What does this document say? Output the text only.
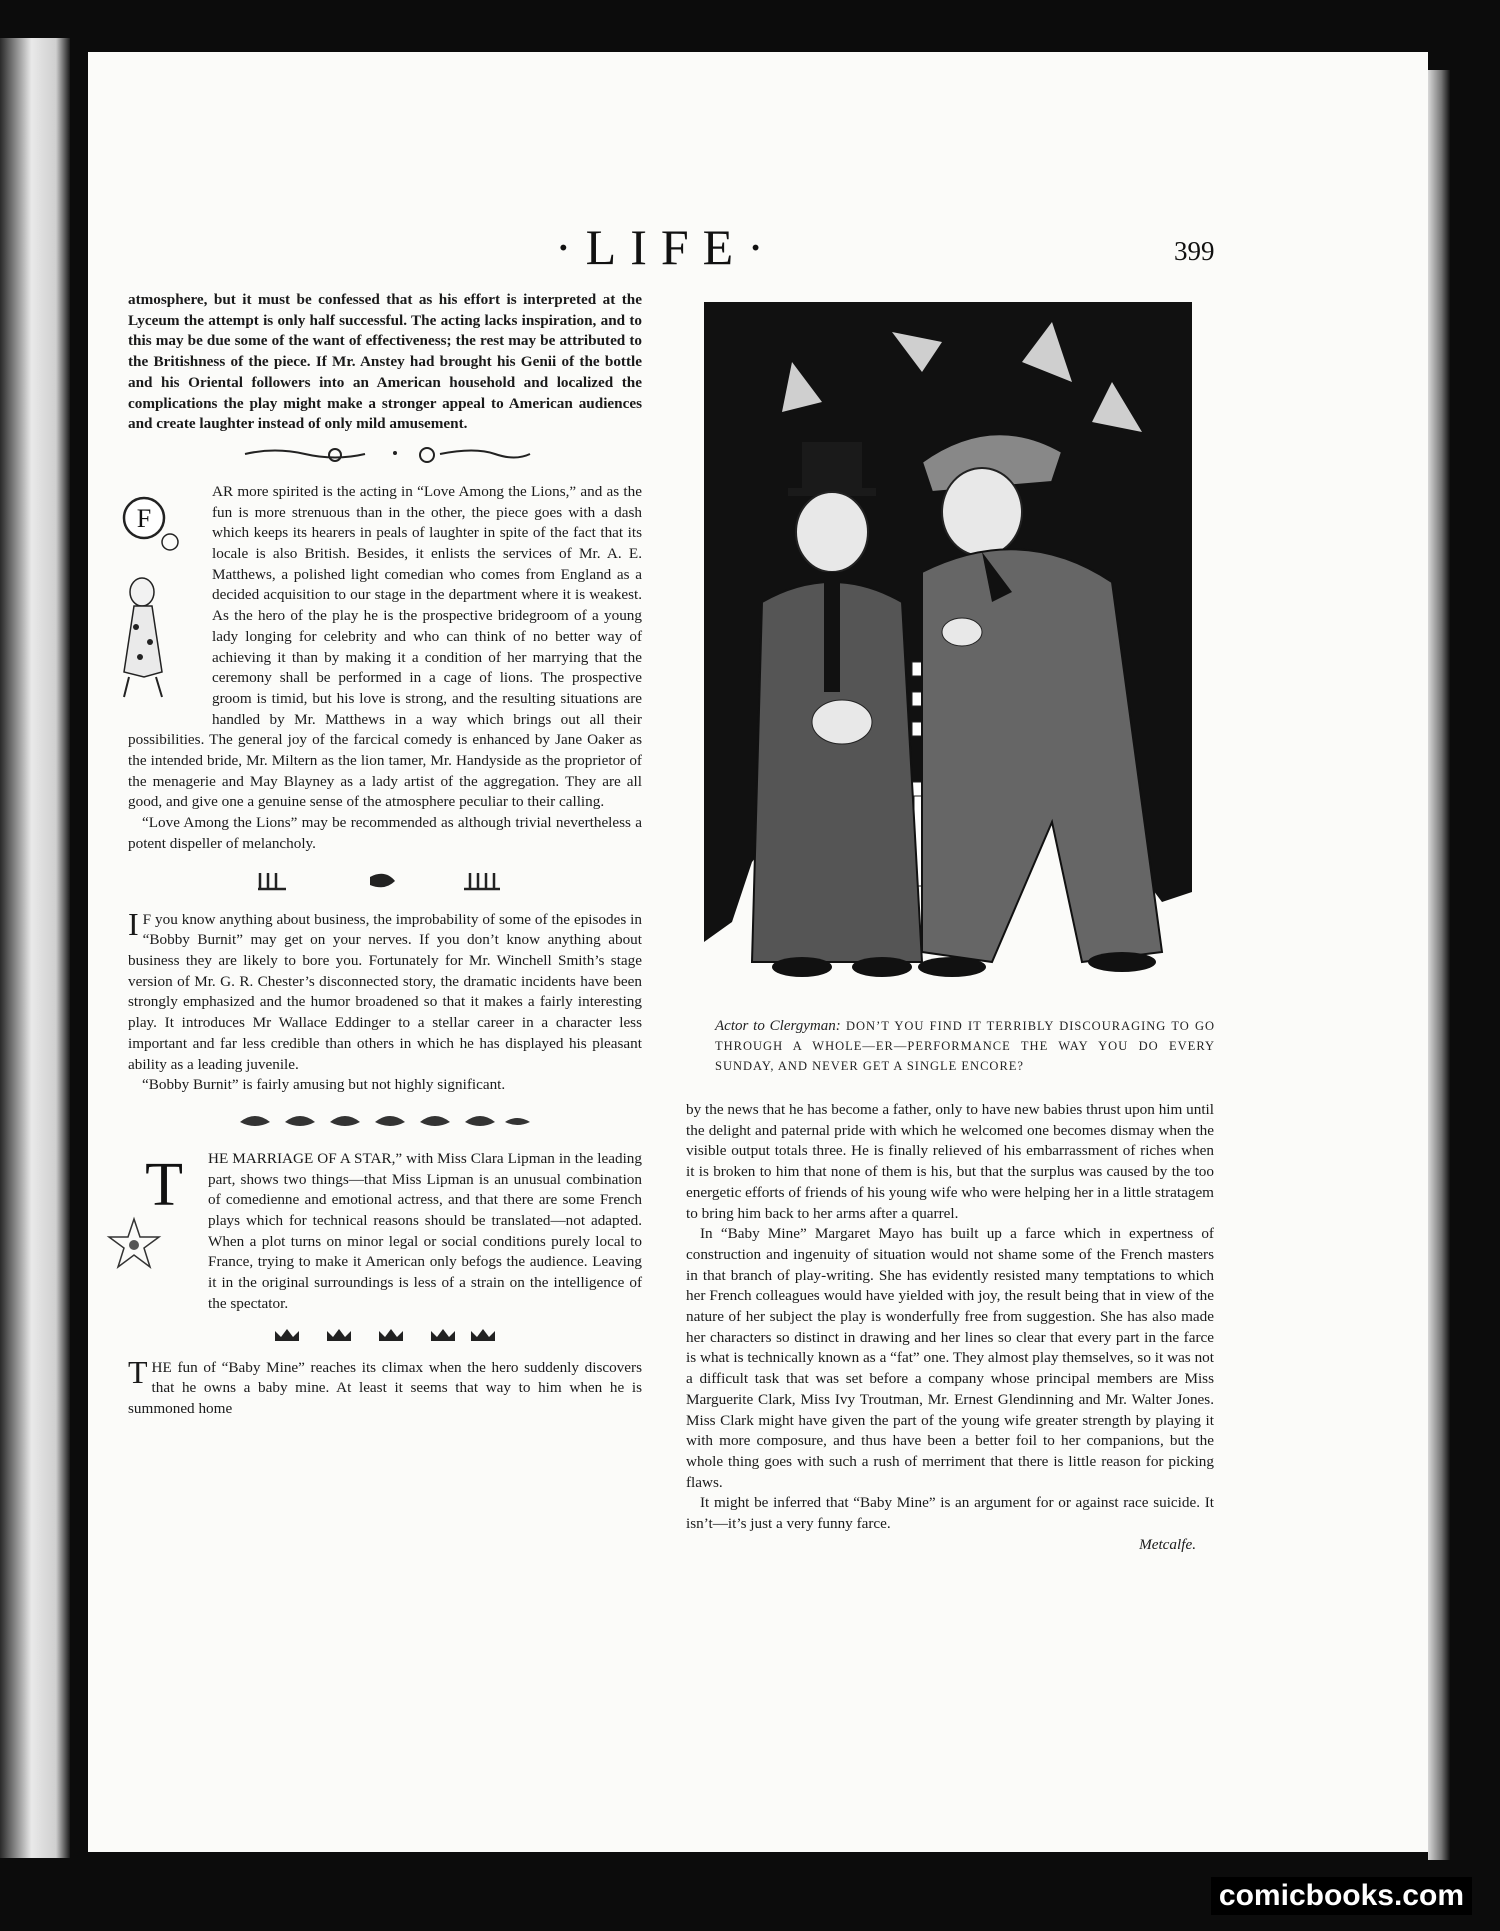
·LIFE·	399

atmosphere, but it must be confessed that as his effort is interpreted at the Lyceum the attempt is only half successful. The acting lacks inspiration, and to this may be due some of the want of effectiveness; the rest may be attributed to the Britishness of the piece. If Mr. Anstey had brought his Genii of the bottle and his Oriental followers into an American household and localized the complications the play might make a stronger appeal to American audiences and create laughter instead of only mild amusement.

F

AR more spirited is the acting in “Love Among the Lions,” and as the fun is more strenuous than in the other, the piece goes with a dash which keeps its hearers in peals of laughter in spite of the fact that its locale is also British. Besides, it enlists the services of Mr. A. E. Matthews, a polished light comedian who comes from England as a decided acquisition to our stage in the department where it is weakest. As the hero of the play he is the prospective bridegroom of a young lady longing for celebrity and who can think of no better way of achieving it than by making it a condition of her marrying that the ceremony shall be performed in a cage of lions. The prospective groom is timid, but his love is strong, and the resulting situations are handled by Mr. Matthews in a way which brings out all their possibilities. The general joy of the farcical comedy is enhanced by Jane Oaker as the intended bride, Mr. Miltern as the lion tamer, Mr. Handyside as the proprietor of the menagerie and May Blayney as a lady artist of the aggregation. They are all good, and give one a genuine sense of the atmosphere peculiar to their calling.

“Love Among the Lions” may be recommended as although trivial nevertheless a potent dispeller of melancholy.

I F you know anything about business, the improbability of some of the episodes in “Bobby Burnit” may get on your nerves. If you don’t know anything about business they are likely to bore you. Fortunately for Mr. Winchell Smith’s stage version of Mr. G. R. Chester’s disconnected story, the dramatic incidents have been strongly emphasized and the humor broadened so that it makes a fairly interesting play. It introduces Mr Wallace Eddinger to a stellar career in a character less important and far less credible than others in which he has displayed his pleasant ability as a leading juvenile.

“Bobby Burnit” is fairly amusing but not highly significant.

T	HE MARRIAGE OF A STAR,” with Miss Clara Lipman in the leading part, shows two things—that Miss Lipman is an unusual combination of comedienne and emotional actress, and that there are some French plays which for technical reasons should be translated—not adapted. When a plot turns on minor legal or social conditions purely local to France, trying to make it American only befogs the audience. Leaving it in the original surroundings is less of a strain on the intelligence of the spectator.

THE fun of “Baby Mine” reaches its climax when the hero suddenly discovers that he owns a baby mine. At least it seems that way to him when he is summoned home

Actor to Clergyman: DON’T YOU FIND IT TERRIBLY DISCOURAGING TO GO THROUGH A WHOLE—ER—PERFORMANCE THE WAY YOU DO EVERY SUNDAY, AND NEVER GET A SINGLE ENCORE?

by the news that he has become a father, only to have new babies thrust upon him until the delight and paternal pride with which he welcomed one becomes dismay when the visible output totals three. He is finally relieved of his embarrassment of riches when it is broken to him that none of them is his, but that the surplus was caused by the too energetic efforts of friends of his young wife who were helping her in a little stratagem to bring him back to her arms after a quarrel.

In “Baby Mine” Margaret Mayo has built up a farce which in expertness of construction and ingenuity of situation would not shame some of the French masters in that branch of play-writing. She has evidently resisted many temptations to which her French colleagues would have yielded with joy, the result being that in view of the nature of her subject the play is wonderfully free from suggestion. She has also made her characters so distinct in drawing and her lines so clear that every part in the farce is what is technically known as a “fat” one. They almost play themselves, so it was not a difficult task that was set before a company whose principal members are Miss Marguerite Clark, Miss Ivy Troutman, Mr. Ernest Glendinning and Mr. Walter Jones. Miss Clark might have given the part of the young wife greater strength by playing it with more composure, and thus have been a better foil to her companions, but the whole thing goes with such a rush of merriment that there is little reason for picking flaws.

It might be inferred that “Baby Mine” is an argument for or against race suicide. It isn’t—it’s just a very funny farce.

Metcalfe.
comicbooks.com
